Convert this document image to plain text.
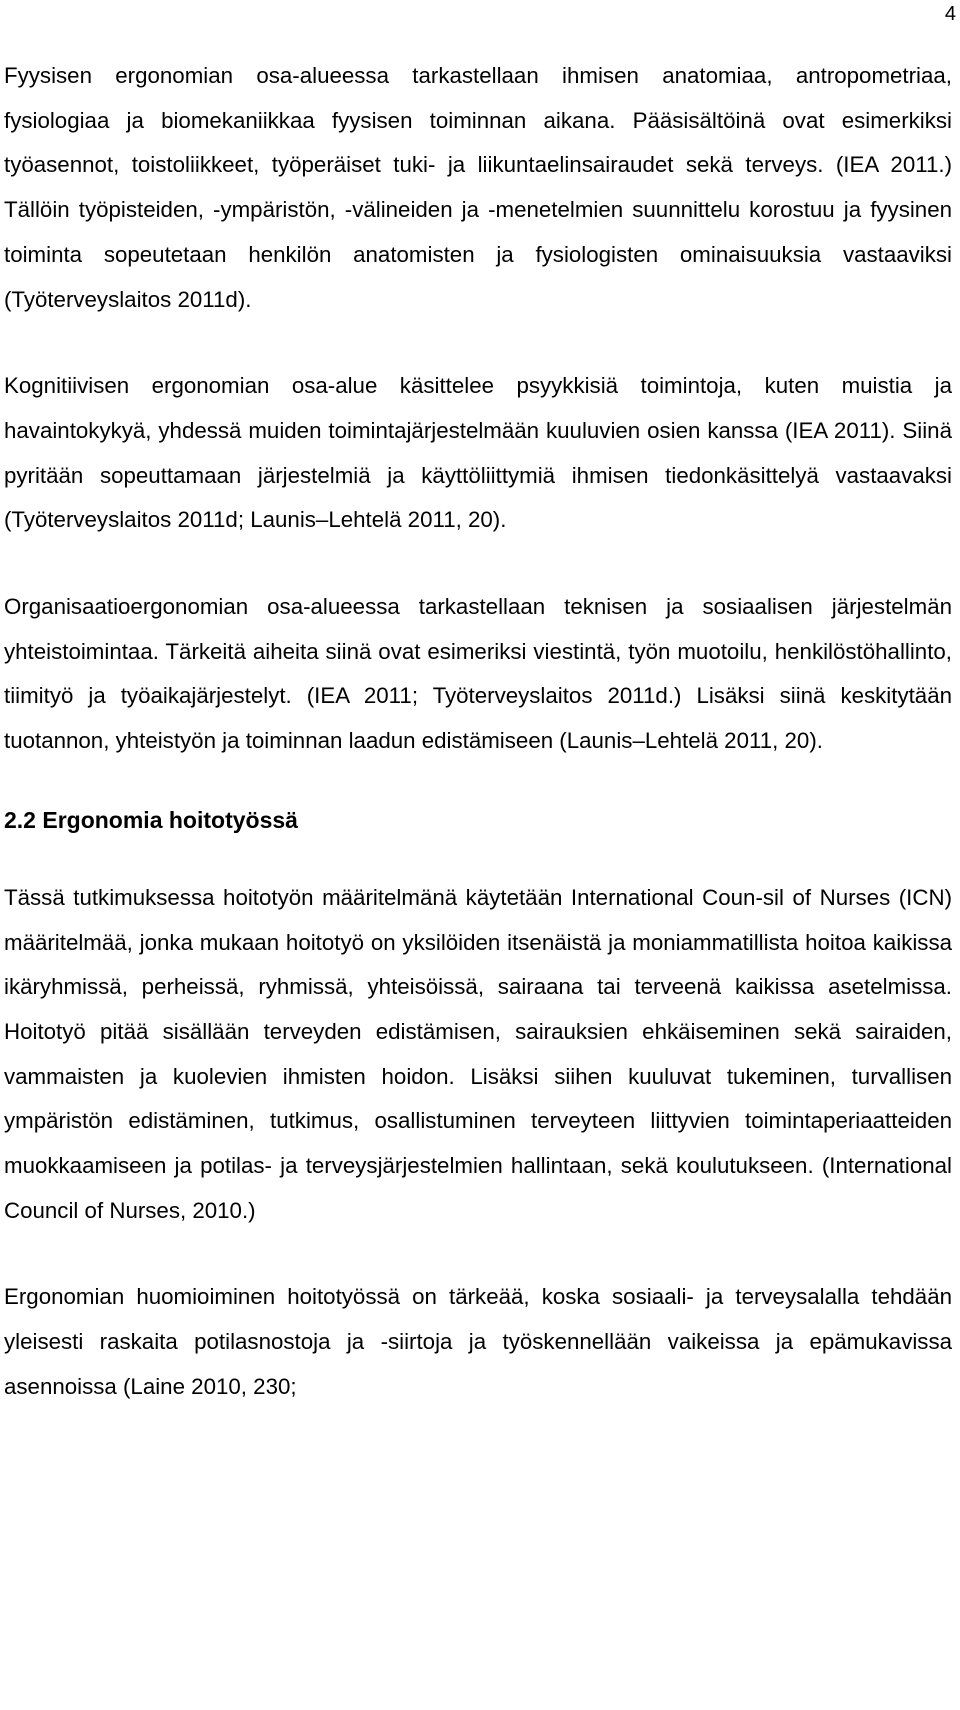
4

Fyysisen ergonomian osa-alueessa tarkastellaan ihmisen anatomiaa, antropometriaa, fysiologiaa ja biomekaniikkaa fyysisen toiminnan aikana. Pääsisältöinä ovat esimerkiksi työasennot, toistoliikkeet, työperäiset tuki- ja liikuntaelinsairaudet sekä terveys. (IEA 2011.) Tällöin työpisteiden, -ympäristön, -välineiden ja -menetelmien suunnittelu korostuu ja fyysinen toiminta sopeutetaan henkilön anatomisten ja fysiologisten ominaisuuksia vastaaviksi (Työterveyslaitos 2011d).

Kognitiivisen ergonomian osa-alue käsittelee psyykkisiä toimintoja, kuten muistia ja havaintokykyä, yhdessä muiden toimintajärjestelmään kuuluvien osien kanssa (IEA 2011). Siinä pyritään sopeuttamaan järjestelmiä ja käyttöliittymiä ihmisen tiedonkäsittelyä vastaavaksi (Työterveyslaitos 2011d; Launis–Lehtelä 2011, 20).

Organisaatioergonomian osa-alueessa tarkastellaan teknisen ja sosiaalisen järjestelmän yhteistoimintaa. Tärkeitä aiheita siinä ovat esimeriksi viestintä, työn muotoilu, henkilöstöhallinto, tiimityö ja työaikajärjestelyt. (IEA 2011; Työterveyslaitos 2011d.) Lisäksi siinä keskitytään tuotannon, yhteistyön ja toiminnan laadun edistämiseen (Launis–Lehtelä 2011, 20).

2.2 Ergonomia hoitotyössä

Tässä tutkimuksessa hoitotyön määritelmänä käytetään International Coun-sil of Nurses (ICN) määritelmää, jonka mukaan hoitotyö on yksilöiden itsenäistä ja moniammatillista hoitoa kaikissa ikäryhmissä, perheissä, ryhmissä, yhteisöissä, sairaana tai terveenä kaikissa asetelmissa. Hoitotyö pitää sisällään terveyden edistämisen, sairauksien ehkäiseminen sekä sairaiden, vammaisten ja kuolevien ihmisten hoidon. Lisäksi siihen kuuluvat tukeminen, turvallisen ympäristön edistäminen, tutkimus, osallistuminen terveyteen liittyvien toimintaperiaatteiden muokkaamiseen ja potilas- ja terveysjärjestelmien hallintaan, sekä koulutukseen. (International Council of Nurses, 2010.)

Ergonomian huomioiminen hoitotyössä on tärkeää, koska sosiaali- ja terveysalalla tehdään yleisesti raskaita potilasnostoja ja -siirtoja ja työskennellään vaikeissa ja epämukavissa asennoissa (Laine 2010, 230;
